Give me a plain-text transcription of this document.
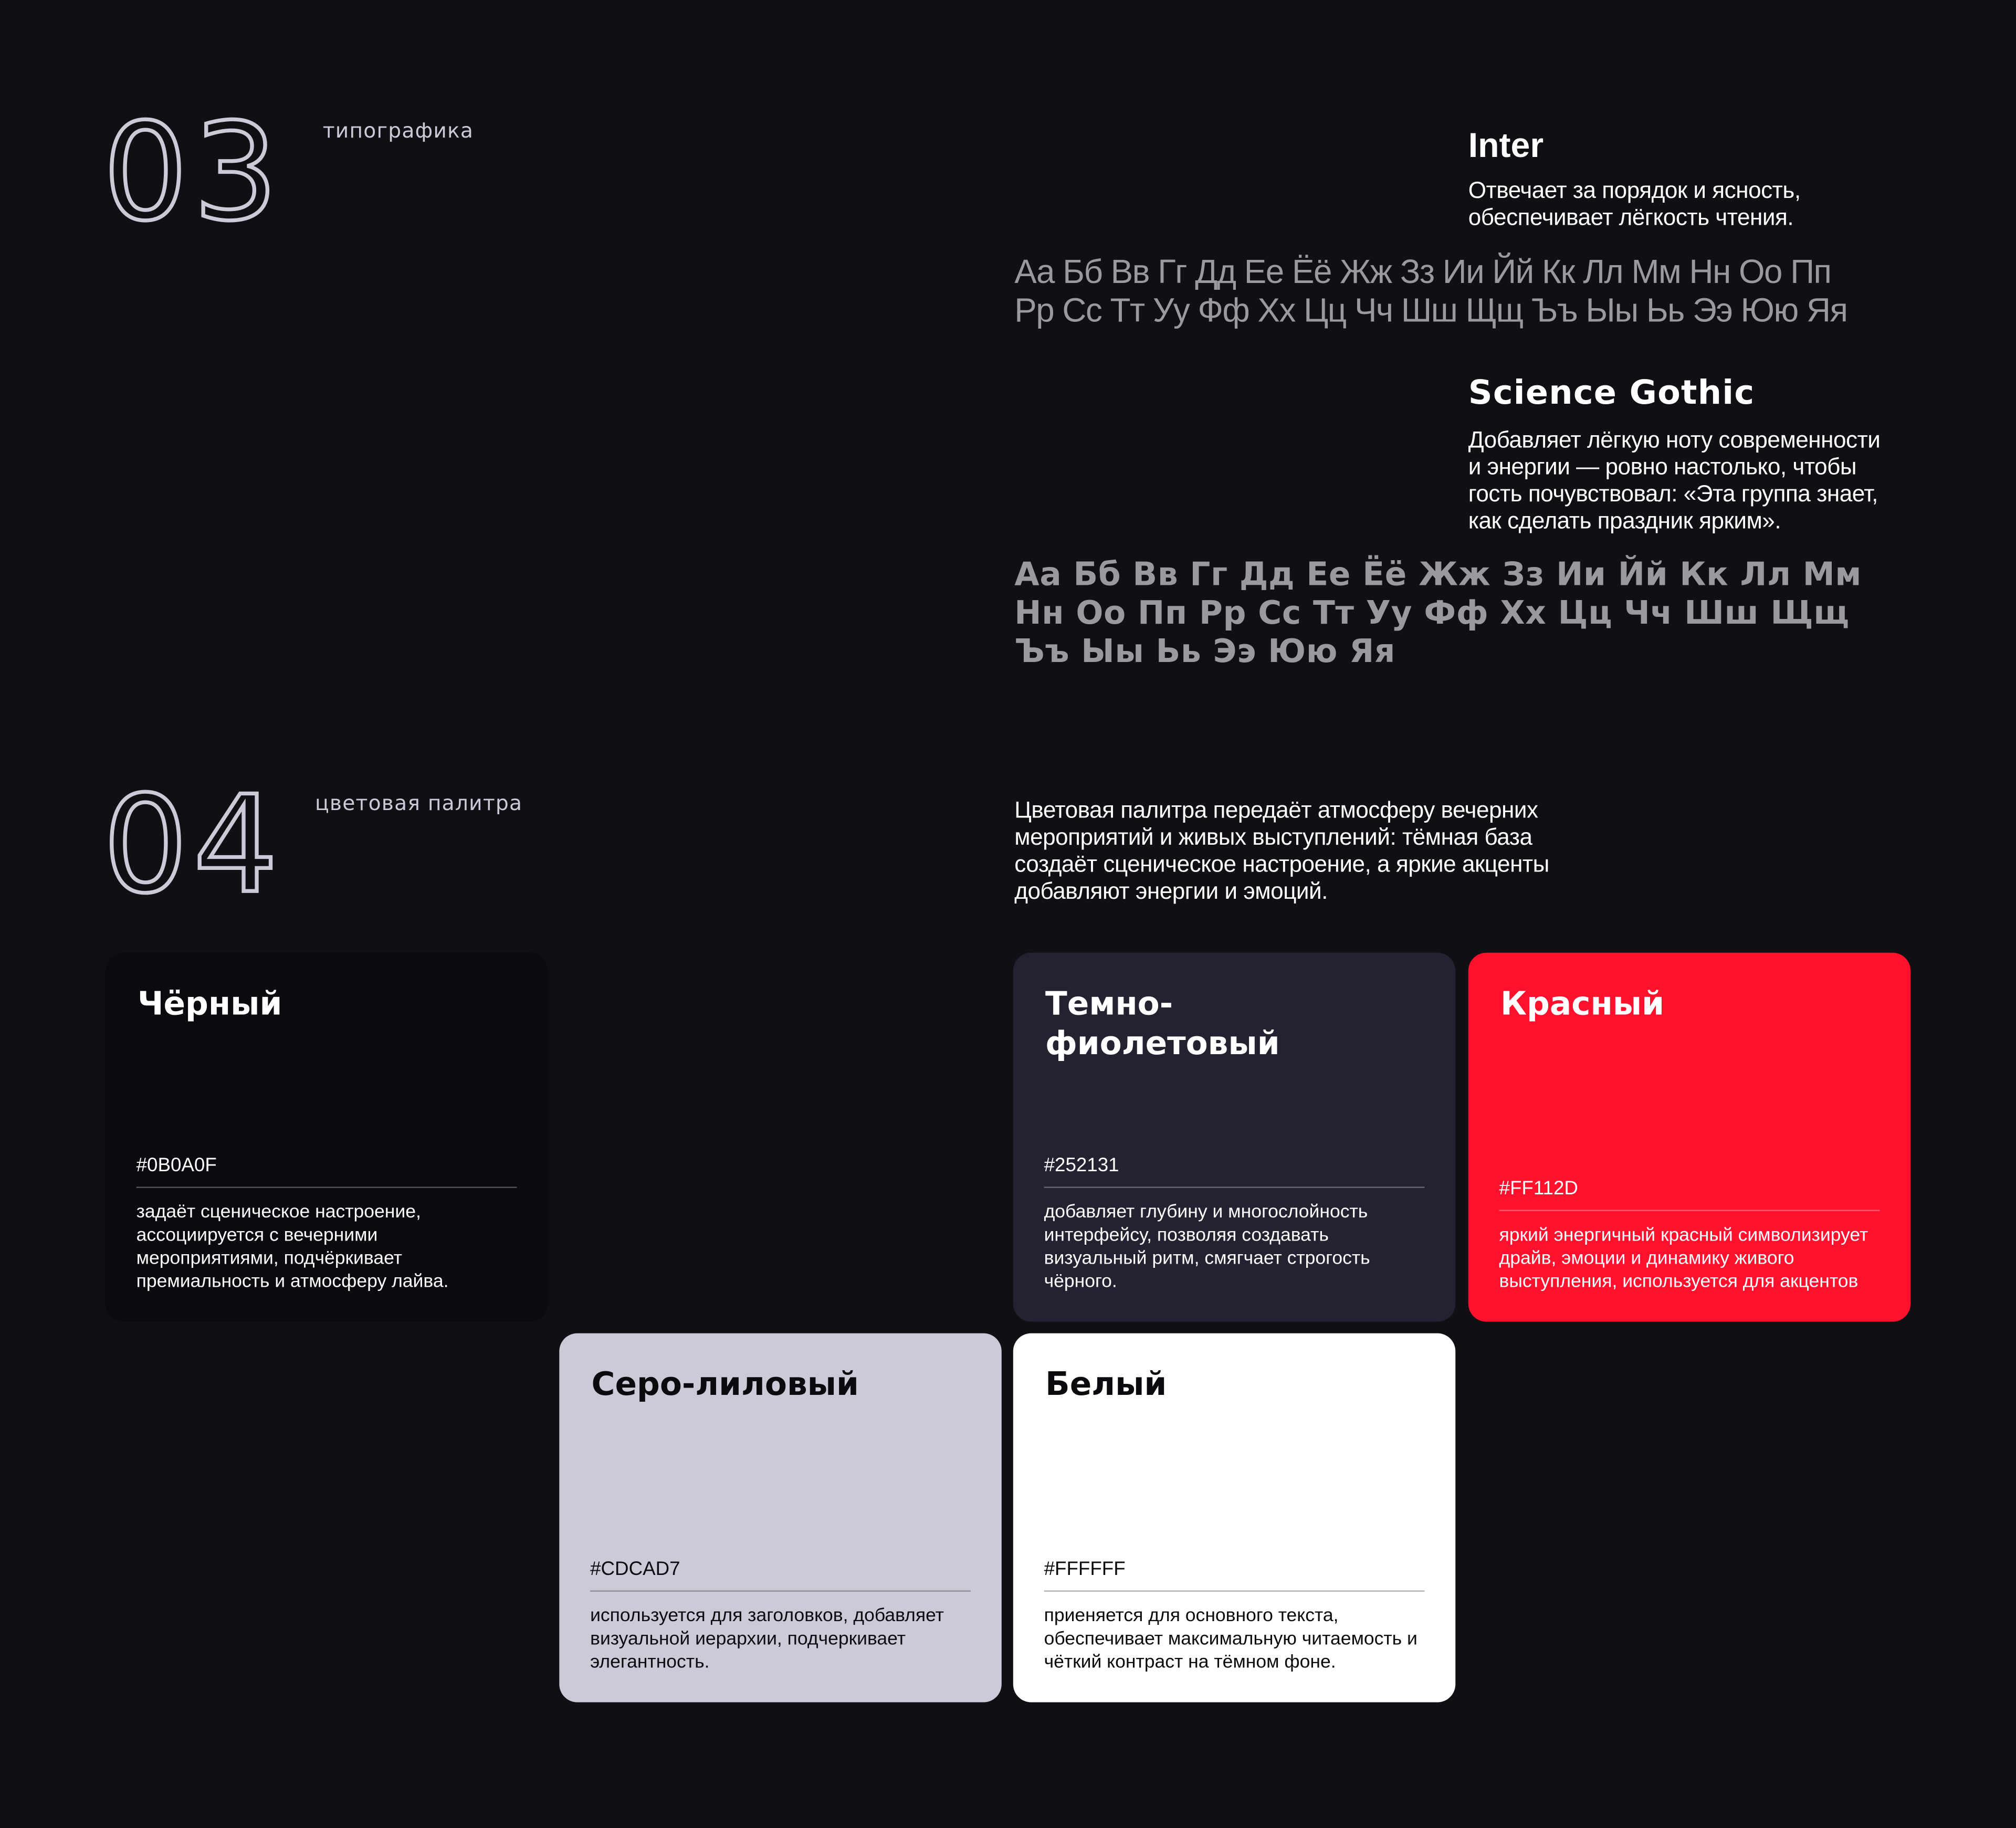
03	типографика	Inter
Отвечает за порядок и ясность,
обеспечивает лёгкость чтения.
Аа Бб Вв Гг Дд Ее Ёё Жж Зз Ии Йй Кк Лл Мм Нн Оо Пп
Рр Сс Тт Уу Фф Хх Цц Чч Шш Щщ Ъъ Ыы Ьь Ээ Юю Яя
Science Gothic
Добавляет лёгкую ноту современности
и энергии — ровно настолько, чтобы
гость почувствовал: «Эта группа знает,
как сделать праздник ярким».
Аа Бб Вв Гг Дд Ее Ёё Жж Зз Ии Йй Кк Лл Мм
Нн Оо Пп Рр Сс Тт Уу Фф Хх Цц Чч Шш Щщ
Ъъ Ыы Ьь Ээ Юю Яя
04	цветовая палитра	Цветовая палитра передаёт атмосферу вечерних
мероприятий и живых выступлений: тёмная база
создаёт сценическое настроение, а яркие акценты
добавляют энергии и эмоций.
Чёрный
#0B0A0F
задаёт сценическое настроение, ассоциируется с вечерними мероприятиями, подчёркивает премиальность и атмосферу лайва.
Темно-
фиолетовый
#252131
добавляет глубину и многослойность интерфейсу, позволяя создавать визуальный ритм, смягчает строгость чёрного.
Красный
#FF112D
яркий энергичный красный символизирует драйв, эмоции и динамику живого выступления, используется для акцентов
Серо-лиловый
#CDCAD7
используется для заголовков, добавляет визуальной иерархии, подчеркивает элегантность.
Белый
#FFFFFF
приеняется для основного текста, обеспечивает максимальную читаемость и чёткий контраст на тёмном фоне.
